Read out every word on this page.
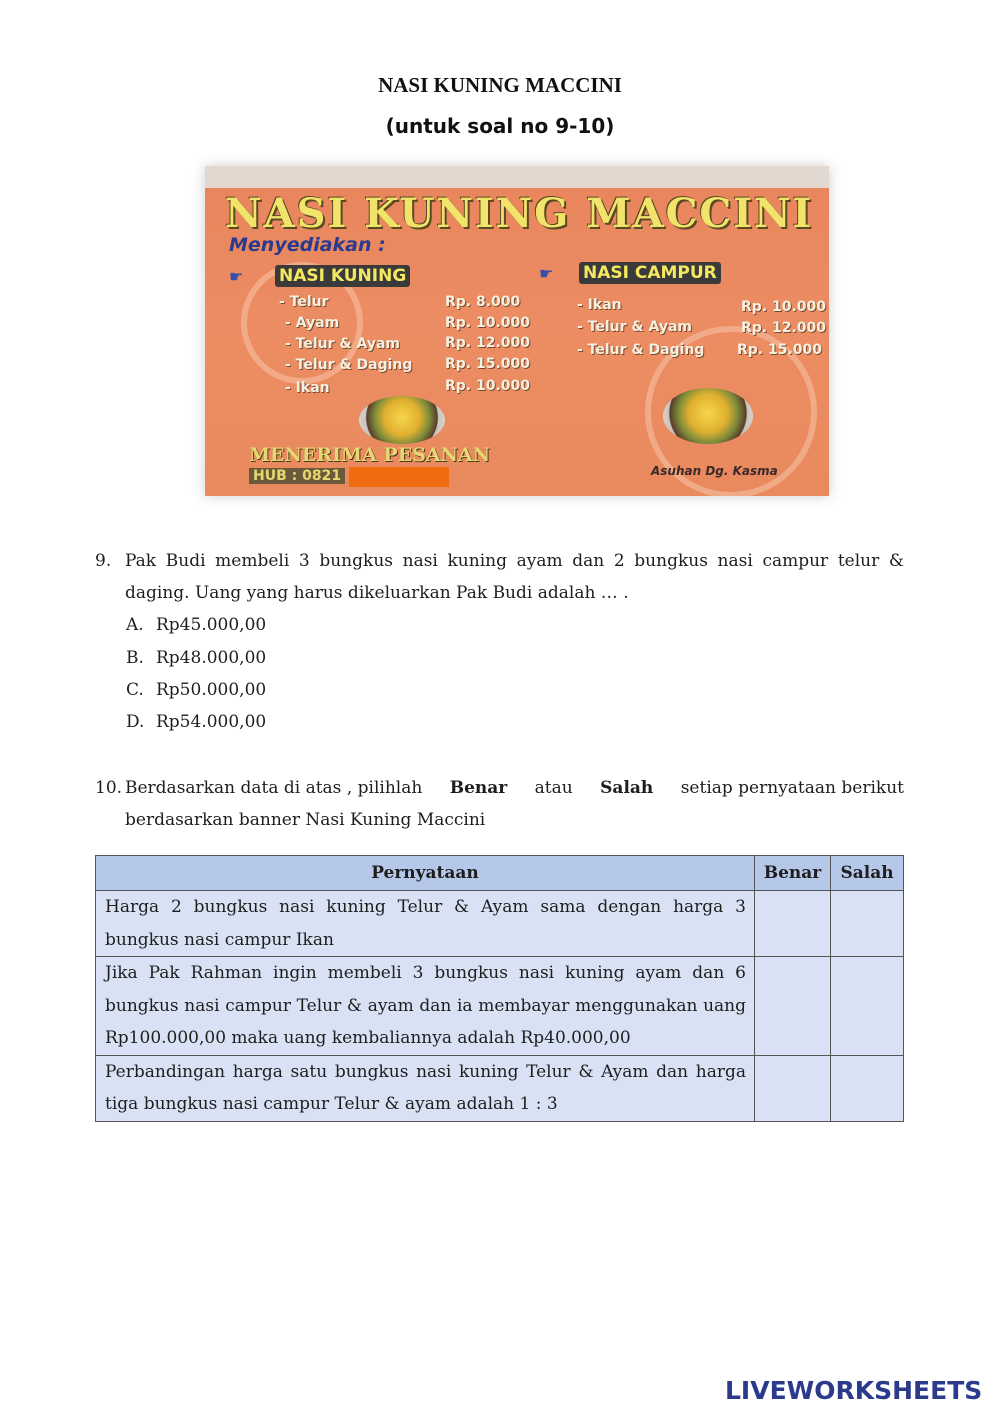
NASI KUNING MACCINI
(untuk soal no 9-10)
NASI KUNING MACCINI
Menyediakan :
☛ NASI KUNING	☛ NASI CAMPUR
- Telur	Rp. 8.000
- Ayam	Rp. 10.000
- Telur & Ayam	Rp. 12.000
- Telur & Daging Rp. 15.000
- Ikan	Rp. 10.000
- Ikan	Rp. 10.000
- Telur & Ayam	Rp. 12.000
- Telur & Daging Rp. 15.000
MENERIMA PESANAN
HUB : 0821	Asuhan Dg. Kasma
9. Pak Budi membeli 3 bungkus nasi kuning ayam dan 2 bungkus nasi campur telur &
daging. Uang yang harus dikeluarkan Pak Budi adalah … .
A. Rp45.000,00
B. Rp48.000,00
C. Rp50.000,00
D. Rp54.000,00
10. Berdasarkan data di atas , pilihlah Benar atau Salah setiap pernyataan berikut
berdasarkan banner Nasi Kuning Maccini
Pernyataan	Benar	Salah
Harga 2 bungkus nasi kuning Telur & Ayam sama dengan harga 3 bungkus nasi campur Ikan		
Jika Pak Rahman ingin membeli 3 bungkus nasi kuning ayam dan 6 bungkus nasi campur Telur & ayam dan ia membayar menggunakan uang Rp100.000,00 maka uang kembaliannya adalah Rp40.000,00		
Perbandingan harga satu bungkus nasi kuning Telur & Ayam dan harga tiga bungkus nasi campur Telur & ayam adalah 1 : 3		
LIVEWORKSHEETS
